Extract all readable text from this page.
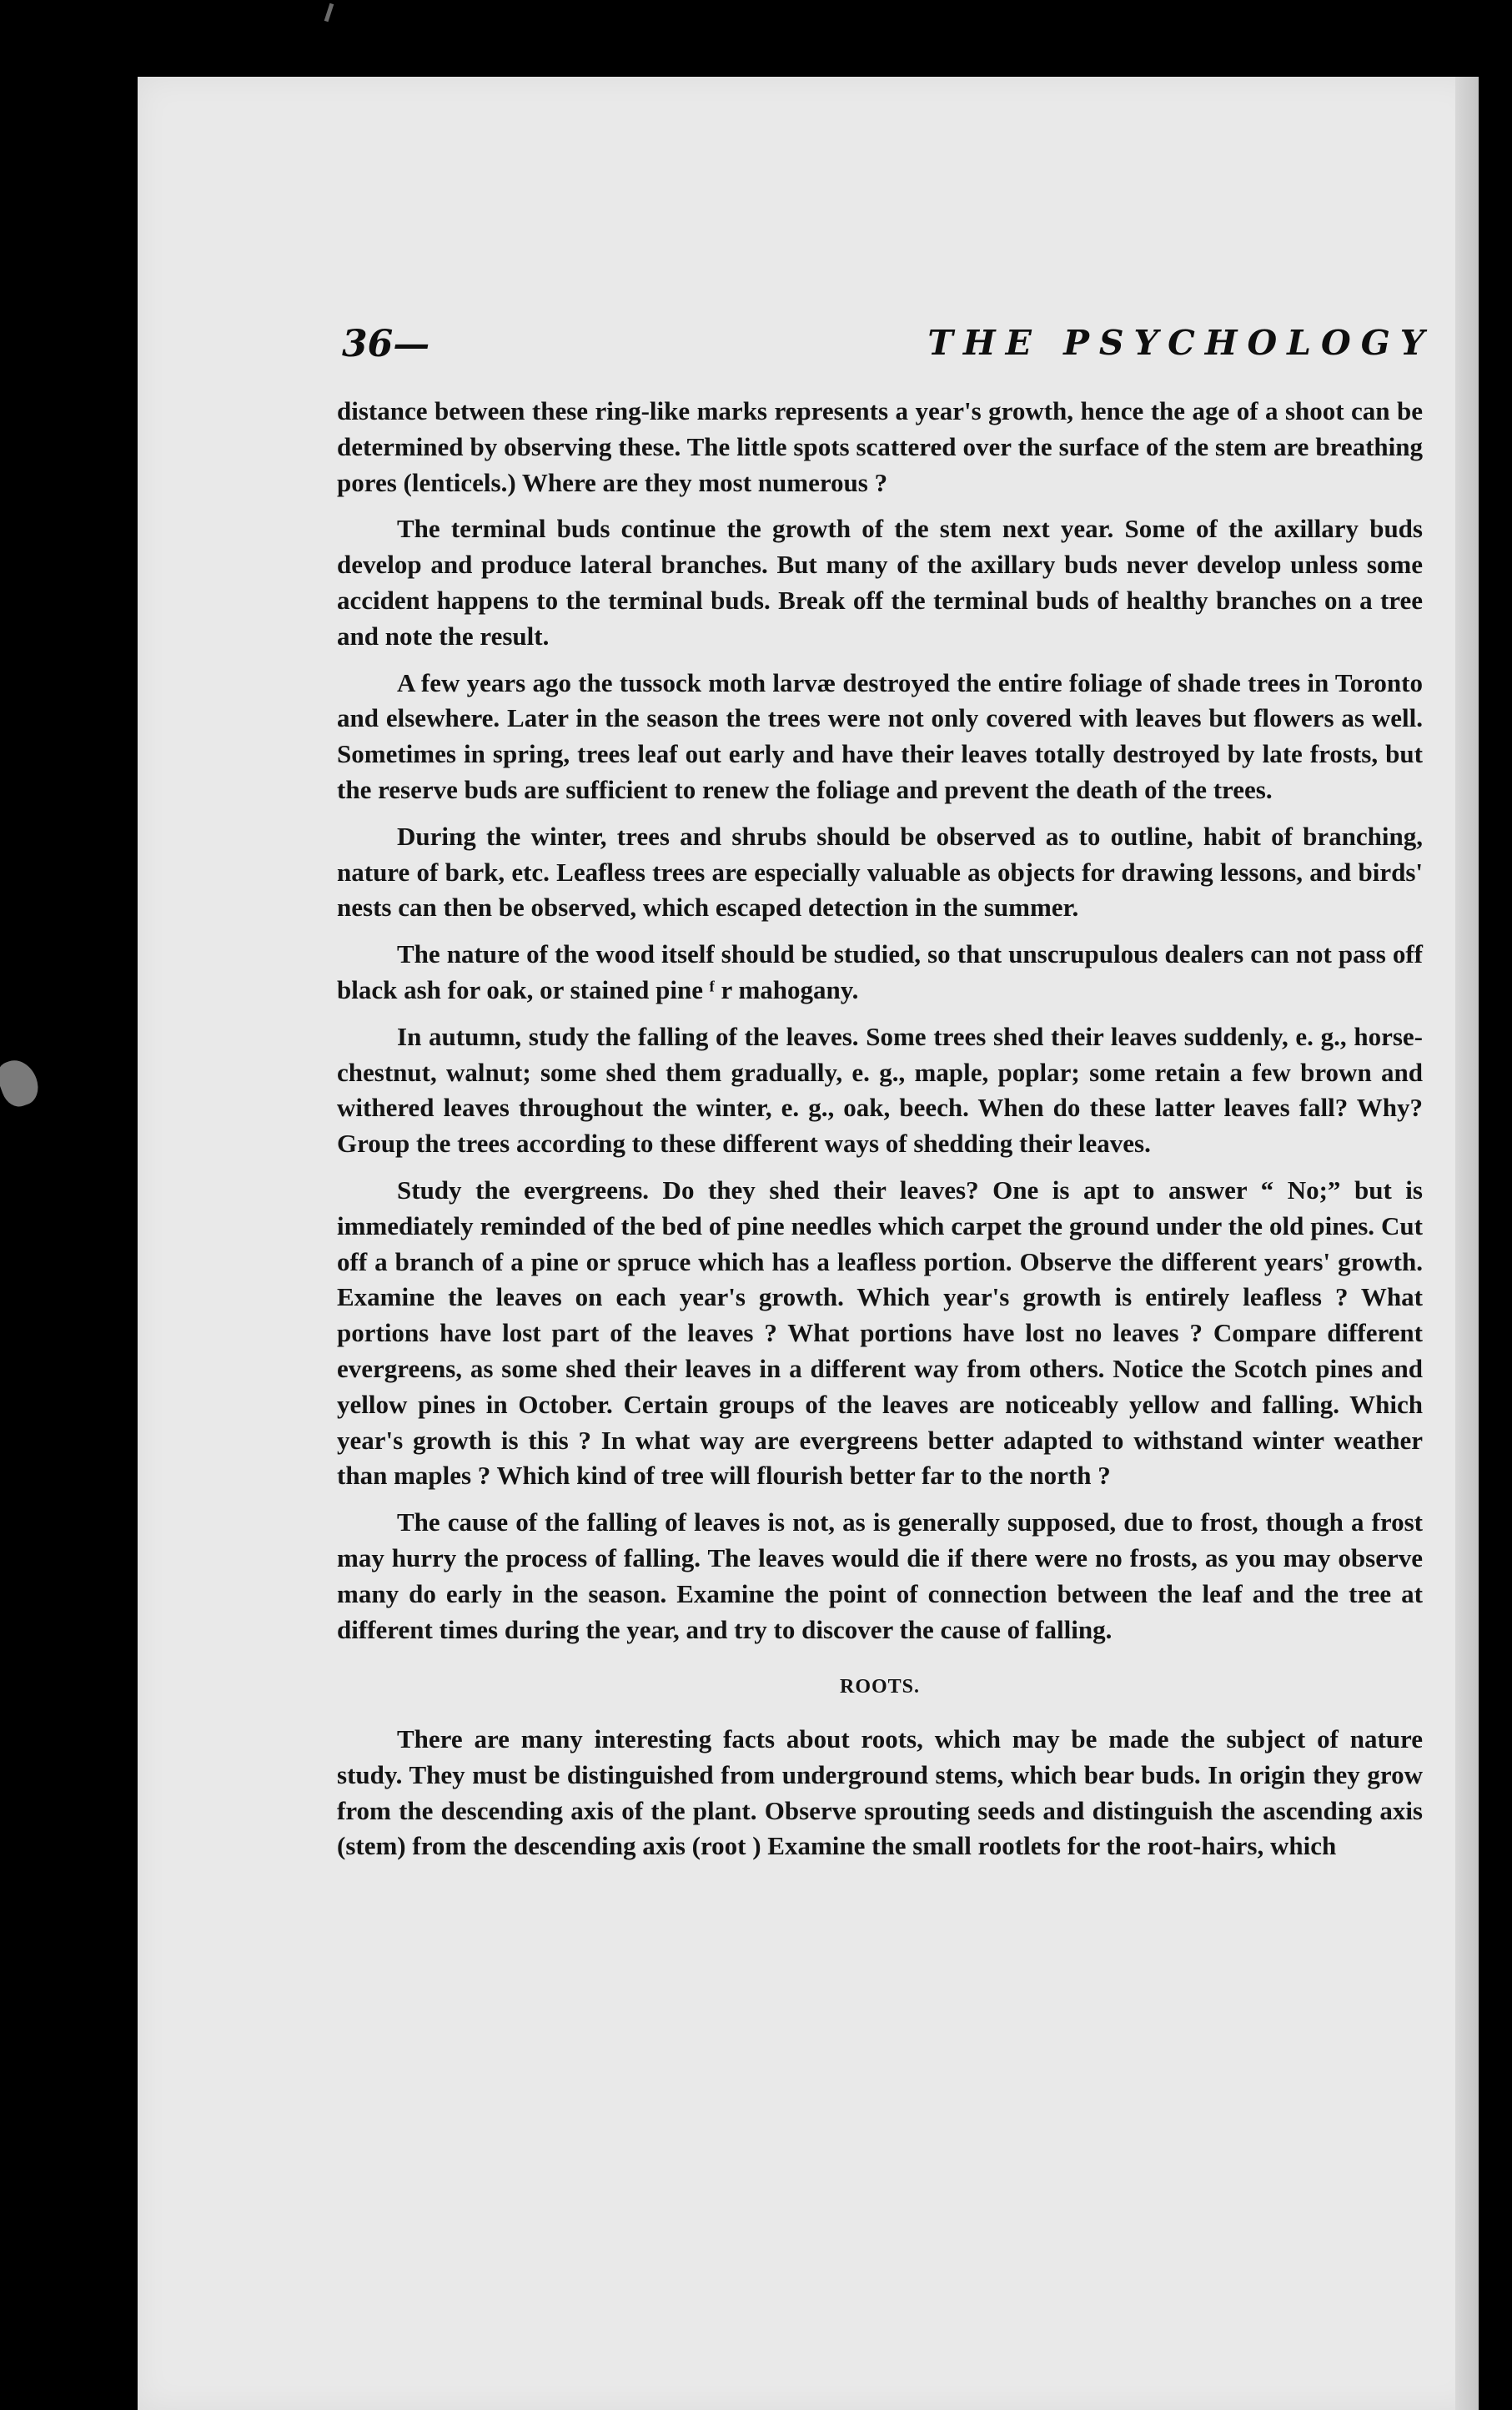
36—	THE PSYCHOLOGY

distance between these ring-like marks represents a year's growth, hence the age of a shoot can be determined by observing these. The little spots scattered over the surface of the stem are breathing pores (lenticels.) Where are they most numerous ?

The terminal buds continue the growth of the stem next year. Some of the axillary buds develop and produce lateral branches. But many of the axillary buds never develop unless some accident happens to the terminal buds. Break off the terminal buds of healthy branches on a tree and note the result.

A few years ago the tussock moth larvæ destroyed the entire foliage of shade trees in Toronto and elsewhere. Later in the season the trees were not only covered with leaves but flowers as well. Sometimes in spring, trees leaf out early and have their leaves totally destroyed by late frosts, but the reserve buds are sufficient to renew the foliage and prevent the death of the trees.

During the winter, trees and shrubs should be observed as to outline, habit of branching, nature of bark, etc. Leafless trees are especially valuable as objects for drawing lessons, and birds' nests can then be observed, which escaped detection in the summer.

The nature of the wood itself should be studied, so that unscrupulous dealers can not pass off black ash for oak, or stained pine ᶠ r mahogany.

In autumn, study the falling of the leaves. Some trees shed their leaves suddenly, e. g., horse-chestnut, walnut; some shed them gradually, e. g., maple, poplar; some retain a few brown and withered leaves throughout the winter, e. g., oak, beech. When do these latter leaves fall? Why? Group the trees according to these different ways of shedding their leaves.

Study the evergreens. Do they shed their leaves? One is apt to answer “ No;” but is immediately reminded of the bed of pine needles which carpet the ground under the old pines. Cut off a branch of a pine or spruce which has a leafless portion. Observe the different years' growth. Examine the leaves on each year's growth. Which year's growth is entirely leafless ? What portions have lost part of the leaves ? What portions have lost no leaves ? Compare different evergreens, as some shed their leaves in a different way from others. Notice the Scotch pines and yellow pines in October. Certain groups of the leaves are noticeably yellow and falling. Which year's growth is this ? In what way are evergreens better adapted to withstand winter weather than maples ? Which kind of tree will flourish better far to the north ?

The cause of the falling of leaves is not, as is generally supposed, due to frost, though a frost may hurry the process of falling. The leaves would die if there were no frosts, as you may observe many do early in the season. Examine the point of connection between the leaf and the tree at different times during the year, and try to discover the cause of falling.

ROOTS.

There are many interesting facts about roots, which may be made the subject of nature study. They must be distinguished from underground stems, which bear buds. In origin they grow from the descending axis of the plant. Observe sprouting seeds and distinguish the ascending axis (stem) from the descending axis (root ) Examine the small rootlets for the root-hairs, which
